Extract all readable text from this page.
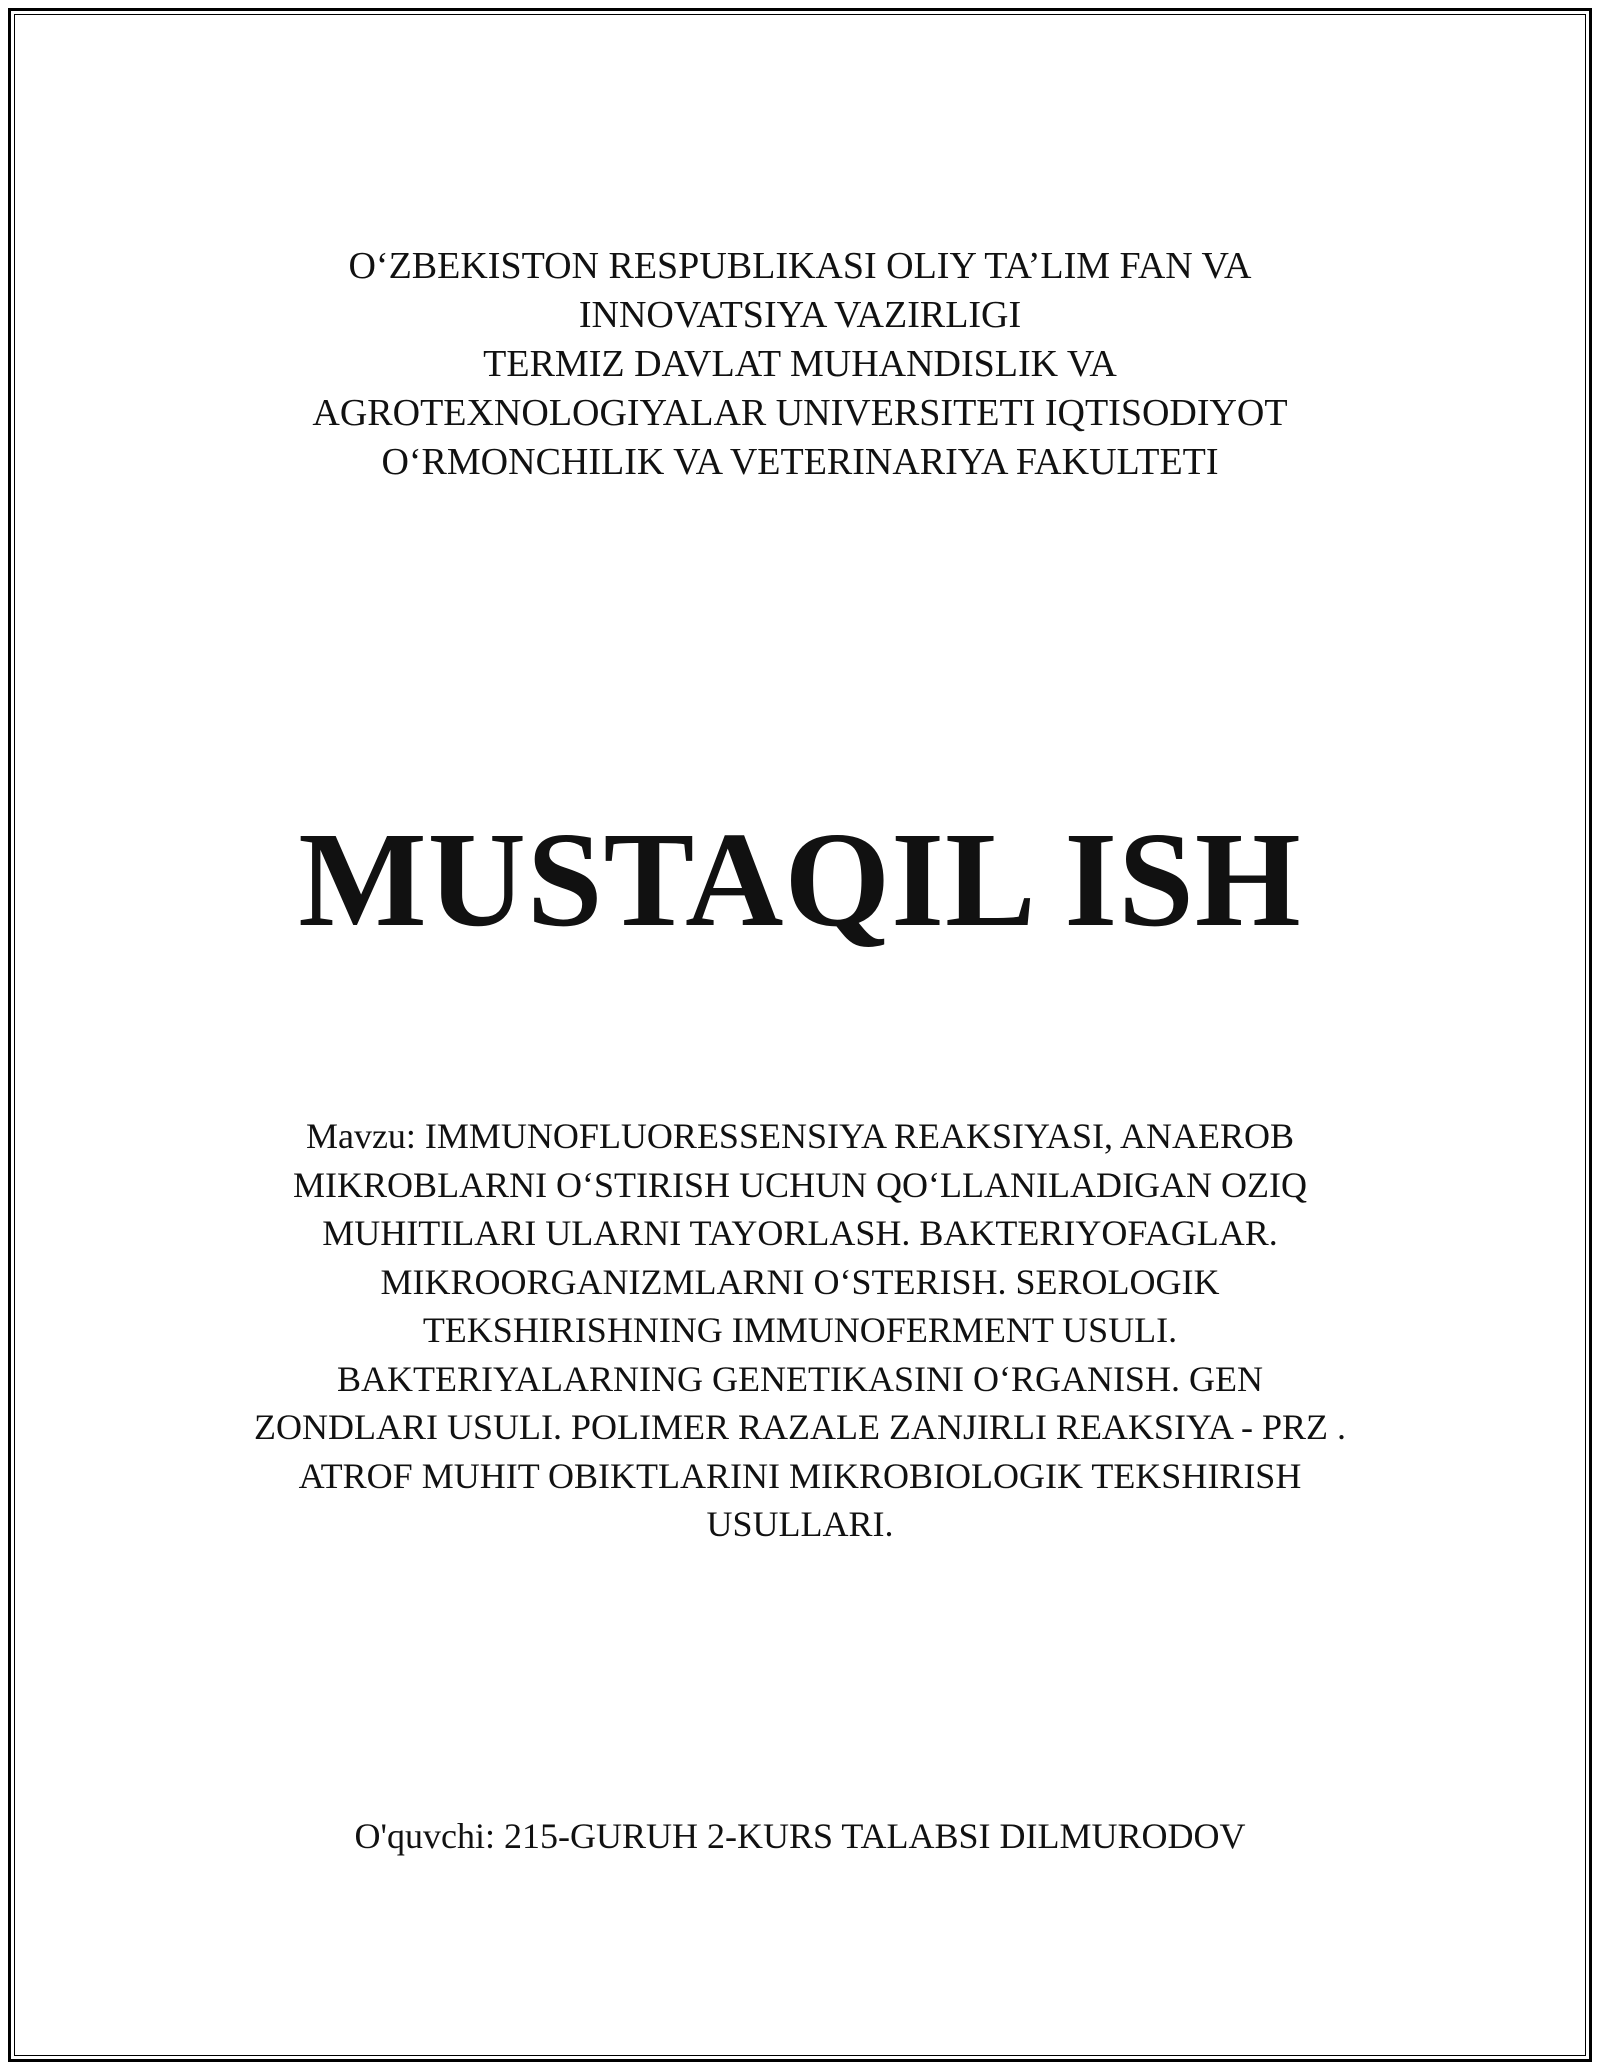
O‘ZBEKISTON RESPUBLIKASI OLIY TA’LIM FAN VA
INNOVATSIYA VAZIRLIGI
TERMIZ DAVLAT MUHANDISLIK VA
AGROTEXNOLOGIYALAR UNIVERSITETI IQTISODIYOT
O‘RMONCHILIK VA VETERINARIYA FAKULTETI
MUSTAQIL ISH
Mavzu: IMMUNOFLUORESSENSIYA REAKSIYASI, ANAEROB
MIKROBLARNI O‘STIRISH UCHUN QO‘LLANILADIGAN OZIQ
MUHITILARI ULARNI TAYORLASH. BAKTERIYOFAGLAR.
MIKROORGANIZMLARNI O‘STERISH. SEROLOGIK
TEKSHIRISHNING IMMUNOFERMENT USULI.
BAKTERIYALARNING GENETIKASINI O‘RGANISH. GEN
ZONDLARI USULI. POLIMER RAZALE ZANJIRLI REAKSIYA - PRZ .
ATROF MUHIT OBIKTLARINI MIKROBIOLOGIK TEKSHIRISH
USULLARI.
O'quvchi: 215-GURUH 2-KURS TALABSI DILMURODOV
